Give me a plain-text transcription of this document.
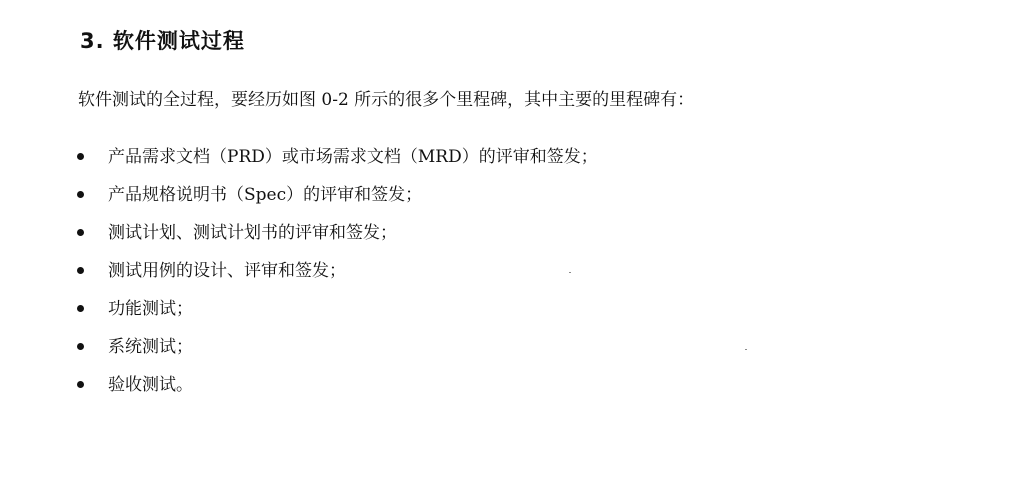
3. 软件测试过程

软件测试的全过程，要经历如图 0-2 所示的很多个里程碑，其中主要的里程碑有：

产品需求文档（PRD）或市场需求文档（MRD）的评审和签发；
产品规格说明书（Spec）的评审和签发；
测试计划、测试计划书的评审和签发；
测试用例的设计、评审和签发；
功能测试；
系统测试；
验收测试。
